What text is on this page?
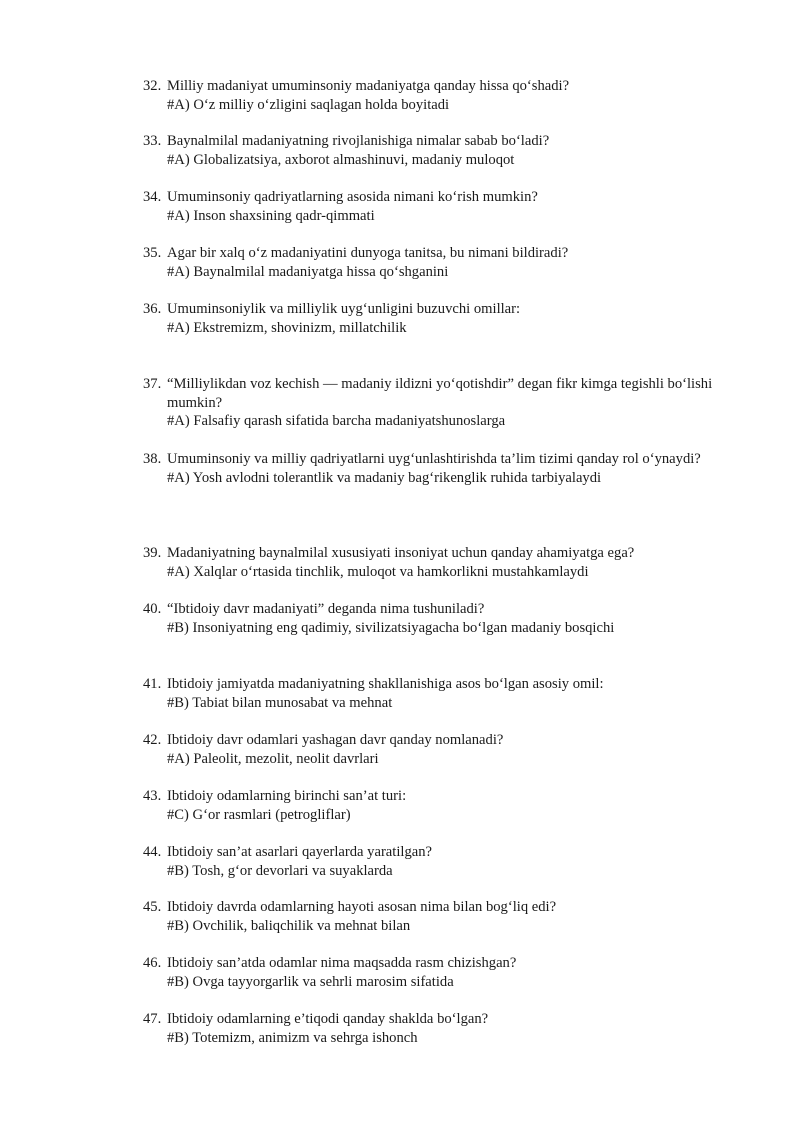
32. Milliy madaniyat umuminsoniy madaniyatga qanday hissa qo‘shadi?
#A) O‘z milliy o‘zligini saqlagan holda boyitadi
33. Baynalmilal madaniyatning rivojlanishiga nimalar sabab bo‘ladi?
#A) Globalizatsiya, axborot almashinuvi, madaniy muloqot
34. Umuminsoniy qadriyatlarning asosida nimani ko‘rish mumkin?
#A) Inson shaxsining qadr-qimmati
35. Agar bir xalq o‘z madaniyatini dunyoga tanitsa, bu nimani bildiradi?
#A) Baynalmilal madaniyatga hissa qo‘shganini
36. Umuminsoniylik va milliylik uyg‘unligini buzuvchi omillar:
#A) Ekstremizm, shovinizm, millatchilik
37. “Milliylikdan voz kechish — madaniy ildizni yo‘qotishdir” degan fikr kimga tegishli bo‘lishi mumkin?
#A) Falsafiy qarash sifatida barcha madaniyatshunoslarga
38. Umuminsoniy va milliy qadriyatlarni uyg‘unlashtirishda ta’lim tizimi qanday rol o‘ynaydi?
#A) Yosh avlodni tolerantlik va madaniy bag‘rikenglik ruhida tarbiyalaydi
39. Madaniyatning baynalmilal xususiyati insoniyat uchun qanday ahamiyatga ega?
#A) Xalqlar o‘rtasida tinchlik, muloqot va hamkorlikni mustahkamlaydi
40. “Ibtidoiy davr madaniyati” deganda nima tushuniladi?
#B) Insoniyatning eng qadimiy, sivilizatsiyagacha bo‘lgan madaniy bosqichi
41. Ibtidoiy jamiyatda madaniyatning shakllanishiga asos bo‘lgan asosiy omil:
#B) Tabiat bilan munosabat va mehnat
42. Ibtidoiy davr odamlari yashagan davr qanday nomlanadi?
#A) Paleolit, mezolit, neolit davrlari
43. Ibtidoiy odamlarning birinchi san’at turi:
#C) G‘or rasmlari (petrogliflar)
44. Ibtidoiy san’at asarlari qayerlarda yaratilgan?
#B) Tosh, g‘or devorlari va suyaklarda
45. Ibtidoiy davrda odamlarning hayoti asosan nima bilan bog‘liq edi?
#B) Ovchilik, baliqchilik va mehnat bilan
46. Ibtidoiy san’atda odamlar nima maqsadda rasm chizishgan?
#B) Ovga tayyorgarlik va sehrli marosim sifatida
47. Ibtidoiy odamlarning e’tiqodi qanday shaklda bo‘lgan?
#B) Totemizm, animizm va sehrga ishonch
